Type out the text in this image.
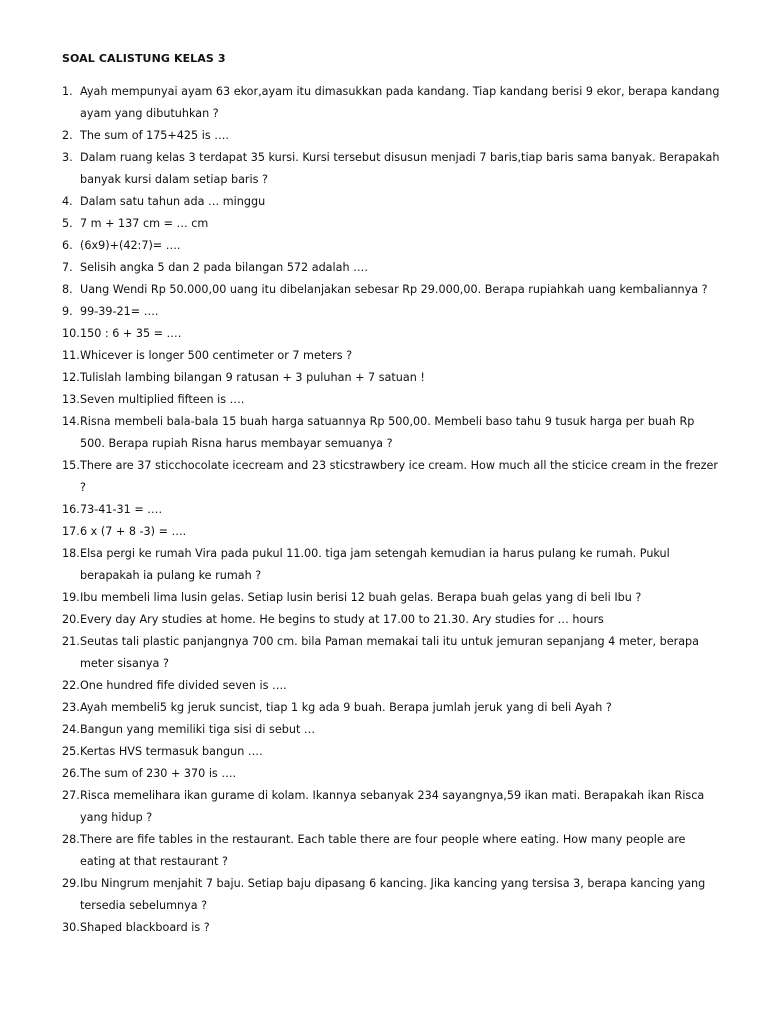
SOAL CALISTUNG KELAS 3
1. Ayah mempunyai ayam 63 ekor,ayam itu dimasukkan pada kandang. Tiap kandang berisi 9 ekor, berapa kandang ayam yang dibutuhkan ?
2. The sum of 175+425 is ….
3. Dalam ruang kelas 3 terdapat 35 kursi. Kursi tersebut disusun menjadi 7 baris,tiap baris sama banyak. Berapakah banyak kursi dalam setiap baris ?
4. Dalam satu tahun ada … minggu
5. 7 m + 137 cm = … cm
6. (6x9)+(42:7)= ….
7. Selisih angka 5 dan 2 pada bilangan 572 adalah ….
8. Uang Wendi Rp 50.000,00 uang itu dibelanjakan sebesar Rp 29.000,00. Berapa rupiahkah uang kembaliannya ?
9. 99-39-21= ….
10. 150 : 6 + 35 = ….
11. Whicever is longer 500 centimeter or 7 meters ?
12. Tulislah lambing bilangan 9 ratusan + 3 puluhan + 7 satuan !
13. Seven multiplied fifteen is ….
14. Risna membeli bala-bala 15 buah harga satuannya Rp 500,00. Membeli baso tahu 9 tusuk harga per buah Rp 500. Berapa rupiah Risna harus membayar semuanya ?
15. There are 37 sticchocolate icecream and 23 sticstrawbery ice cream. How much all the sticice cream in the frezer ?
16. 73-41-31 = ….
17. 6 x (7 + 8 -3) = ….
18. Elsa pergi ke rumah Vira pada pukul 11.00. tiga jam setengah kemudian ia harus pulang ke rumah. Pukul berapakah ia pulang ke rumah ?
19. Ibu membeli lima lusin gelas. Setiap lusin berisi 12 buah gelas. Berapa buah gelas yang di beli Ibu ?
20. Every day Ary studies at home. He begins to study at 17.00 to 21.30. Ary studies for … hours
21. Seutas tali plastic panjangnya 700 cm. bila Paman memakai tali itu untuk jemuran sepanjang 4 meter, berapa meter sisanya ?
22. One hundred fife divided seven is ….
23. Ayah membeli5 kg jeruk suncist, tiap 1 kg ada 9 buah. Berapa jumlah jeruk yang di beli Ayah ?
24. Bangun yang memiliki tiga sisi di sebut …
25. Kertas HVS termasuk bangun ….
26. The sum of 230 + 370 is ….
27. Risca memelihara ikan gurame di kolam. Ikannya sebanyak 234 sayangnya,59 ikan mati. Berapakah ikan Risca yang hidup ?
28. There are fife tables in the restaurant. Each table there are four people where eating. How many people are eating at that restaurant ?
29. Ibu Ningrum menjahit 7 baju. Setiap baju dipasang 6 kancing. Jika kancing yang tersisa 3, berapa kancing yang tersedia sebelumnya ?
30. Shaped blackboard is ?
